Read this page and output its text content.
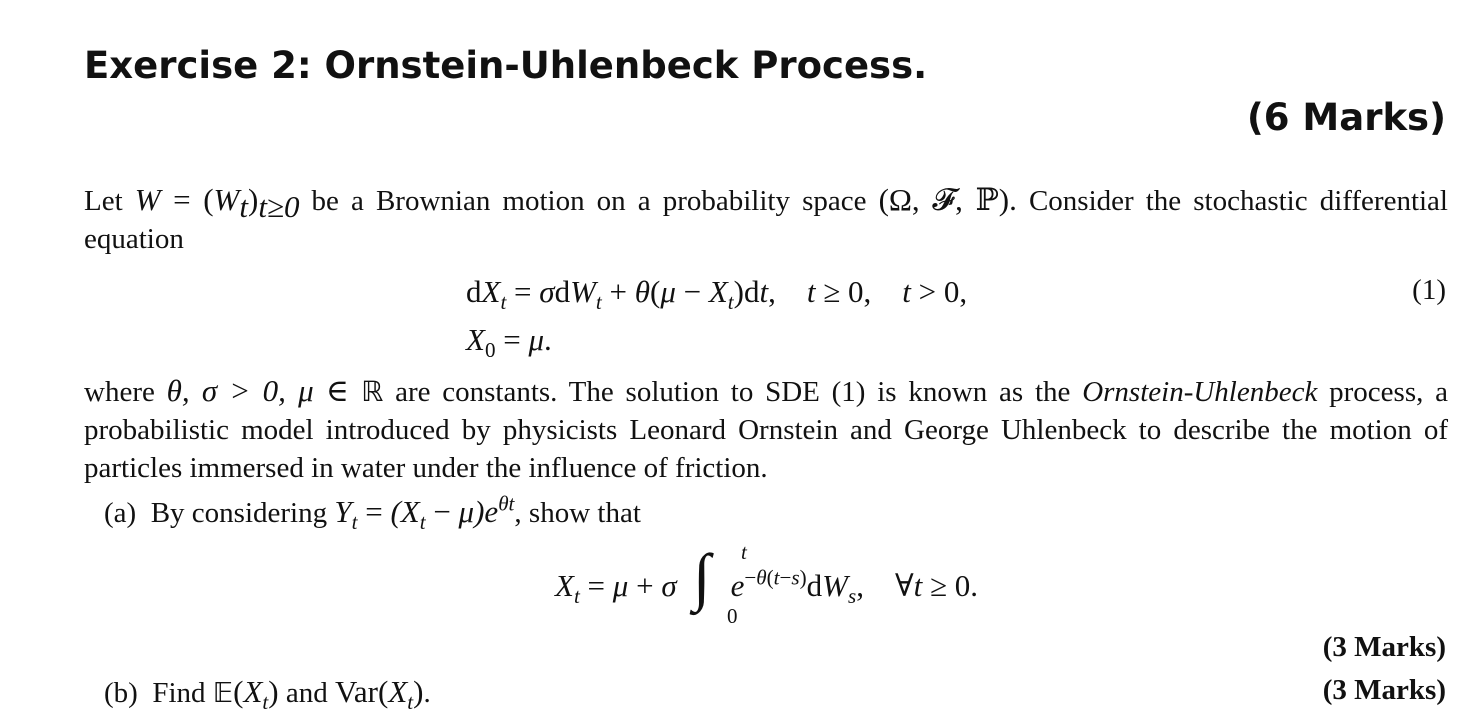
Exercise 2: Ornstein-Uhlenbeck Process.
(6 Marks)
Let $W = (W_t)_{t\ge 0}$ be a Brownian motion on a probability space (Ω, 𝓕, ℙ). Consider the stochastic differential equation
$dX_t = \sigma dW_t + \theta(\mu - X_t)dt$,    t ≥ 0,    t > 0,
$X_0 = \mu$.
(1)
where θ, σ > 0, μ ∈ ℝ are constants. The solution to SDE (1) is known as the Ornstein-Uhlenbeck process, a probabilistic model introduced by physicists Leonard Ornstein and George Uhlenbeck to describe the motion of particles immersed in water under the influence of friction.
(a) By considering $Y_t = (X_t - \mu)e^{\theta t}$, show that
$X_t = \mu + \sigma$ $e^{-\theta(t-s)}dW_s$,    ∀t ≥ 0.
∫ t
0
(3 Marks)
(b) Find $𝔼(X_t)$ and $Var(X_t)$.	(3 Marks)
